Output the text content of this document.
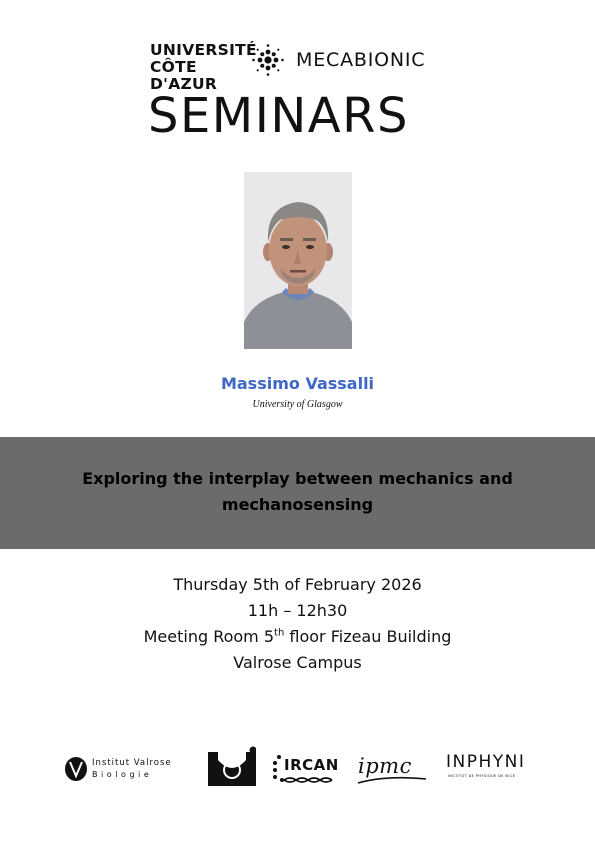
UNIVERSITÉ
CÔTE D'AZUR
MECABIONIC
SEMINARS
Massimo Vassalli
University of Glasgow
Exploring the interplay between mechanics and mechanosensing
Thursday 5th of February 2026
11h – 12h30
Meeting Room 5th floor Fizeau Building
Valrose Campus
Institut Valrose
B i o l o g i e
IRCAN ipmc INPHYNI
INSTITUT DE PHYSIQUE DE NICE
